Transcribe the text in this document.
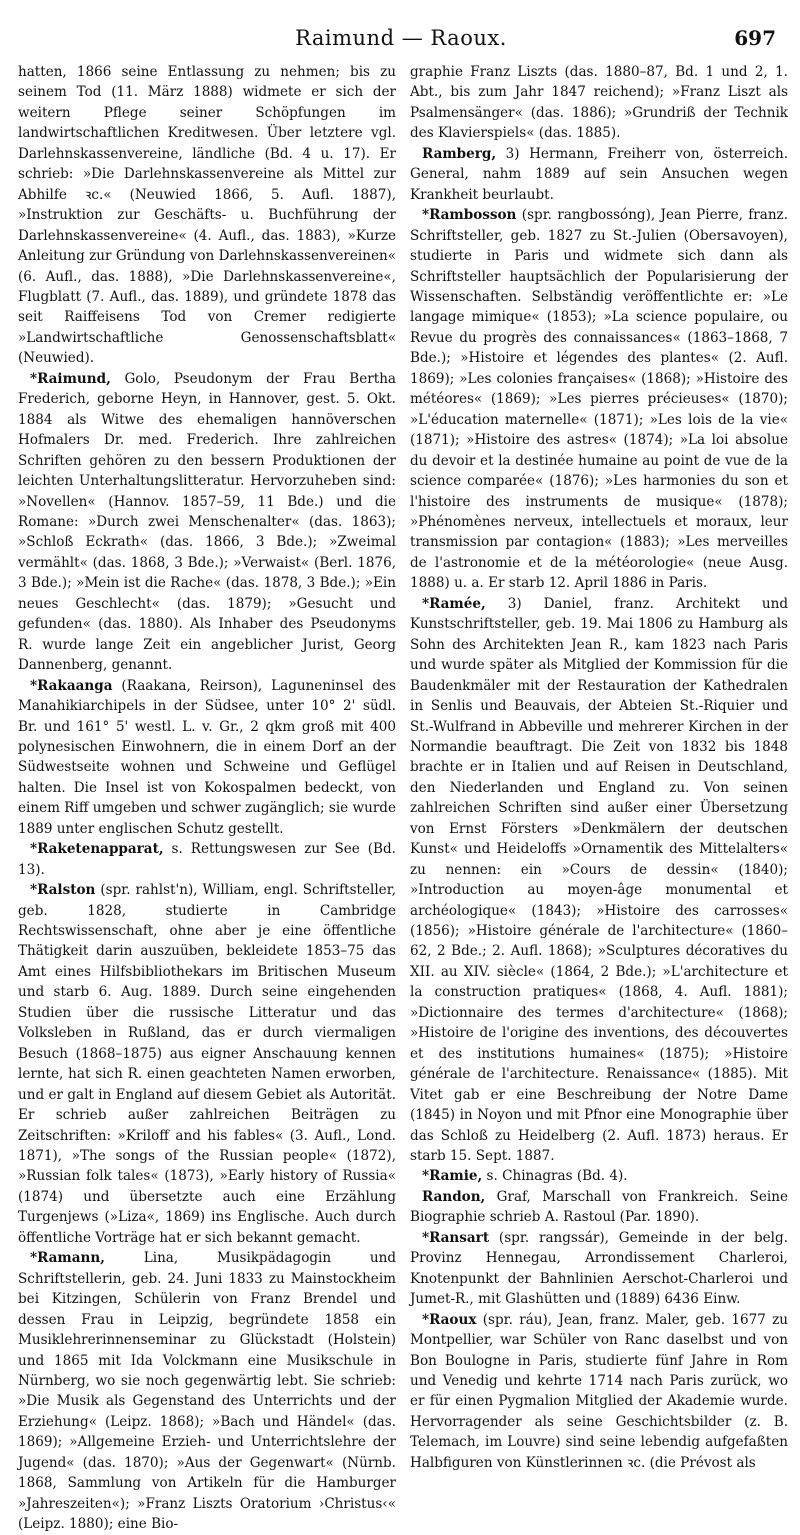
Raimund — Raoux.	697

hatten, 1866 seine Entlassung zu nehmen; bis zu seinem Tod (11. März 1888) widmete er sich der weitern Pflege seiner Schöpfungen im landwirtschaftlichen Kreditwesen. Über letztere vgl. Darlehnskassenvereine, ländliche (Bd. 4 u. 17). Er schrieb: »Die Darlehnskassenvereine als Mittel zur Abhilfe ꝛc.« (Neuwied 1866, 5. Aufl. 1887), »Instruktion zur Geschäfts- u. Buchführung der Darlehnskassenvereine« (4. Aufl., das. 1883), »Kurze Anleitung zur Gründung von Darlehnskassenvereinen« (6. Aufl., das. 1888), »Die Darlehnskassenvereine«, Flugblatt (7. Aufl., das. 1889), und gründete 1878 das seit Raiffeisens Tod von Cremer redigierte »Landwirtschaftliche Genossenschaftsblatt« (Neuwied).

*Raimund, Golo, Pseudonym der Frau Bertha Frederich, geborne Heyn, in Hannover, gest. 5. Okt. 1884 als Witwe des ehemaligen hannöverschen Hofmalers Dr. med. Frederich. Ihre zahlreichen Schriften gehören zu den bessern Produktionen der leichten Unterhaltungslitteratur. Hervorzuheben sind: »Novellen« (Hannov. 1857–59, 11 Bde.) und die Romane: »Durch zwei Menschenalter« (das. 1863); »Schloß Eckrath« (das. 1866, 3 Bde.); »Zweimal vermählt« (das. 1868, 3 Bde.); »Verwaist« (Berl. 1876, 3 Bde.); »Mein ist die Rache« (das. 1878, 3 Bde.); »Ein neues Geschlecht« (das. 1879); »Gesucht und gefunden« (das. 1880). Als Inhaber des Pseudonyms R. wurde lange Zeit ein angeblicher Jurist, Georg Dannenberg, genannt.

*Rakaanga (Raakana, Reirson), Laguneninsel des Manahikiarchipels in der Südsee, unter 10° 2' südl. Br. und 161° 5' westl. L. v. Gr., 2 qkm groß mit 400 polynesischen Einwohnern, die in einem Dorf an der Südwestseite wohnen und Schweine und Geflügel halten. Die Insel ist von Kokospalmen bedeckt, von einem Riff umgeben und schwer zugänglich; sie wurde 1889 unter englischen Schutz gestellt.

*Raketenapparat, s. Rettungswesen zur See (Bd. 13).

*Ralston (spr. rahlst'n), William, engl. Schriftsteller, geb. 1828, studierte in Cambridge Rechtswissenschaft, ohne aber je eine öffentliche Thätigkeit darin auszuüben, bekleidete 1853–75 das Amt eines Hilfsbibliothekars im Britischen Museum und starb 6. Aug. 1889. Durch seine eingehenden Studien über die russische Litteratur und das Volksleben in Rußland, das er durch viermaligen Besuch (1868–1875) aus eigner Anschauung kennen lernte, hat sich R. einen geachteten Namen erworben, und er galt in England auf diesem Gebiet als Autorität. Er schrieb außer zahlreichen Beiträgen zu Zeitschriften: »Kriloff and his fables« (3. Aufl., Lond. 1871), »The songs of the Russian people« (1872), »Russian folk tales« (1873), »Early history of Russia« (1874) und übersetzte auch eine Erzählung Turgenjews (»Liza«, 1869) ins Englische. Auch durch öffentliche Vorträge hat er sich bekannt gemacht.

*Ramann, Lina, Musikpädagogin und Schriftstellerin, geb. 24. Juni 1833 zu Mainstockheim bei Kitzingen, Schülerin von Franz Brendel und dessen Frau in Leipzig, begründete 1858 ein Musiklehrerinnenseminar zu Glückstadt (Holstein) und 1865 mit Ida Volckmann eine Musikschule in Nürnberg, wo sie noch gegenwärtig lebt. Sie schrieb: »Die Musik als Gegenstand des Unterrichts und der Erziehung« (Leipz. 1868); »Bach und Händel« (das. 1869); »Allgemeine Erzieh- und Unterrichtslehre der Jugend« (das. 1870); »Aus der Gegenwart« (Nürnb. 1868, Sammlung von Artikeln für die Hamburger »Jahreszeiten«); »Franz Liszts Oratorium ›Christus‹« (Leipz. 1880); eine Bio-

graphie Franz Liszts (das. 1880–87, Bd. 1 und 2, 1. Abt., bis zum Jahr 1847 reichend); »Franz Liszt als Psalmensänger« (das. 1886); »Grundriß der Technik des Klavierspiels« (das. 1885).

Ramberg, 3) Hermann, Freiherr von, österreich. General, nahm 1889 auf sein Ansuchen wegen Krankheit beurlaubt.

*Rambosson (spr. rangbossóng), Jean Pierre, franz. Schriftsteller, geb. 1827 zu St.-Julien (Obersavoyen), studierte in Paris und widmete sich dann als Schriftsteller hauptsächlich der Popularisierung der Wissenschaften. Selbständig veröffentlichte er: »Le langage mimique« (1853); »La science populaire, ou Revue du progrès des connaissances« (1863–1868, 7 Bde.); »Histoire et légendes des plantes« (2. Aufl. 1869); »Les colonies françaises« (1868); »Histoire des météores« (1869); »Les pierres précieuses« (1870); »L'éducation maternelle« (1871); »Les lois de la vie« (1871); »Histoire des astres« (1874); »La loi absolue du devoir et la destinée humaine au point de vue de la science comparée« (1876); »Les harmonies du son et l'histoire des instruments de musique« (1878); »Phénomènes nerveux, intellectuels et moraux, leur transmission par contagion« (1883); »Les merveilles de l'astronomie et de la météorologie« (neue Ausg. 1888) u. a. Er starb 12. April 1886 in Paris.

*Ramée, 3) Daniel, franz. Architekt und Kunstschriftsteller, geb. 19. Mai 1806 zu Hamburg als Sohn des Architekten Jean R., kam 1823 nach Paris und wurde später als Mitglied der Kommission für die Baudenkmäler mit der Restauration der Kathedralen in Senlis und Beauvais, der Abteien St.-Riquier und St.-Wulfrand in Abbeville und mehrerer Kirchen in der Normandie beauftragt. Die Zeit von 1832 bis 1848 brachte er in Italien und auf Reisen in Deutschland, den Niederlanden und England zu. Von seinen zahlreichen Schriften sind außer einer Übersetzung von Ernst Försters »Denkmälern der deutschen Kunst« und Heideloffs »Ornamentik des Mittelalters« zu nennen: ein »Cours de dessin« (1840); »Introduction au moyen-âge monumental et archéologique« (1843); »Histoire des carrosses« (1856); »Histoire générale de l'architecture« (1860–62, 2 Bde.; 2. Aufl. 1868); »Sculptures décoratives du XII. au XIV. siècle« (1864, 2 Bde.); »L'architecture et la construction pratiques« (1868, 4. Aufl. 1881); »Dictionnaire des termes d'architecture« (1868); »Histoire de l'origine des inventions, des découvertes et des institutions humaines« (1875); »Histoire générale de l'architecture. Renaissance« (1885). Mit Vitet gab er eine Beschreibung der Notre Dame (1845) in Noyon und mit Pfnor eine Monographie über das Schloß zu Heidelberg (2. Aufl. 1873) heraus. Er starb 15. Sept. 1887.

*Ramie, s. Chinagras (Bd. 4).

Randon, Graf, Marschall von Frankreich. Seine Biographie schrieb A. Rastoul (Par. 1890).

*Ransart (spr. rangssár), Gemeinde in der belg. Provinz Hennegau, Arrondissement Charleroi, Knotenpunkt der Bahnlinien Aerschot-Charleroi und Jumet-R., mit Glashütten und (1889) 6436 Einw.

*Raoux (spr. ráu), Jean, franz. Maler, geb. 1677 zu Montpellier, war Schüler von Ranc daselbst und von Bon Boulogne in Paris, studierte fünf Jahre in Rom und Venedig und kehrte 1714 nach Paris zurück, wo er für einen Pygmalion Mitglied der Akademie wurde. Hervorragender als seine Geschichtsbilder (z. B. Telemach, im Louvre) sind seine lebendig aufgefaßten Halbfiguren von Künstlerinnen ꝛc. (die Prévost als
